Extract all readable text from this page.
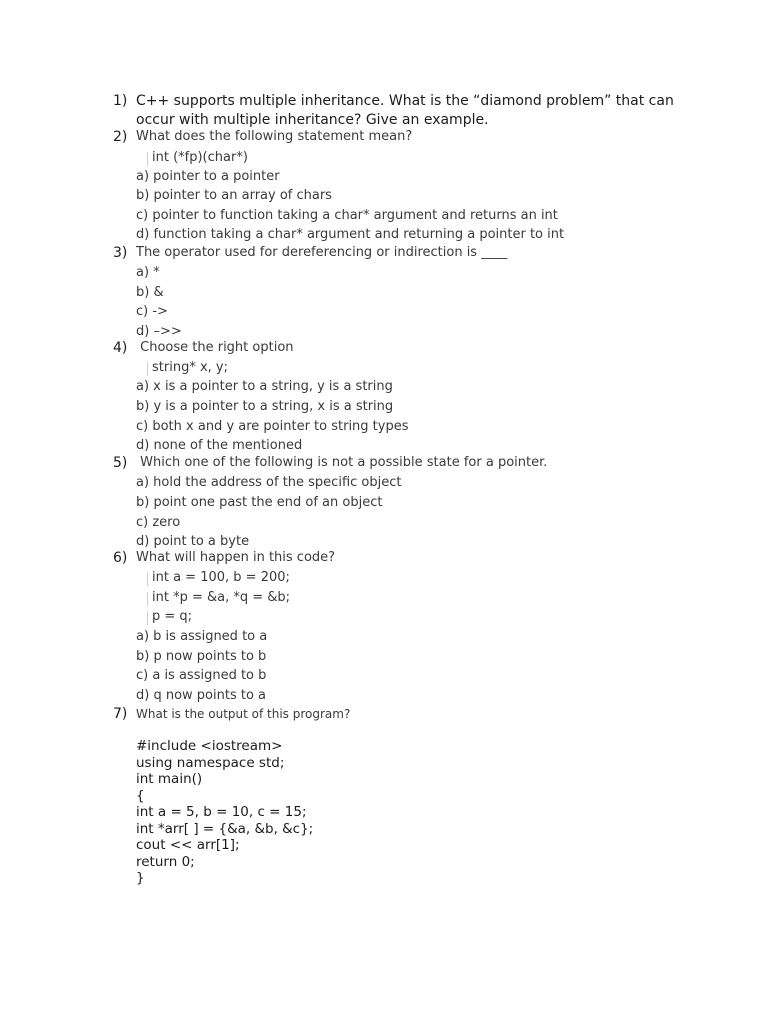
1) C++ supports multiple inheritance. What is the “diamond problem” that can
occur with multiple inheritance? Give an example.
2) What does the following statement mean?
int (*fp)(char*)
a) pointer to a pointer
b) pointer to an array of chars
c) pointer to function taking a char* argument and returns an int
d) function taking a char* argument and returning a pointer to int
3) The operator used for dereferencing or indirection is ____
a) *
b) &
c) ->
d) –>>
4) Choose the right option
string* x, y;
a) x is a pointer to a string, y is a string
b) y is a pointer to a string, x is a string
c) both x and y are pointer to string types
d) none of the mentioned
5) Which one of the following is not a possible state for a pointer.
a) hold the address of the specific object
b) point one past the end of an object
c) zero
d) point to a byte
6) What will happen in this code?
int a = 100, b = 200;
int *p = &a, *q = &b;
p = q;
a) b is assigned to a
b) p now points to b
c) a is assigned to b
d) q now points to a
7) What is the output of this program?
#include <iostream>
using namespace std;
int main()
{
int a = 5, b = 10, c = 15;
int *arr[ ] = {&a, &b, &c};
cout << arr[1];
return 0;
}
